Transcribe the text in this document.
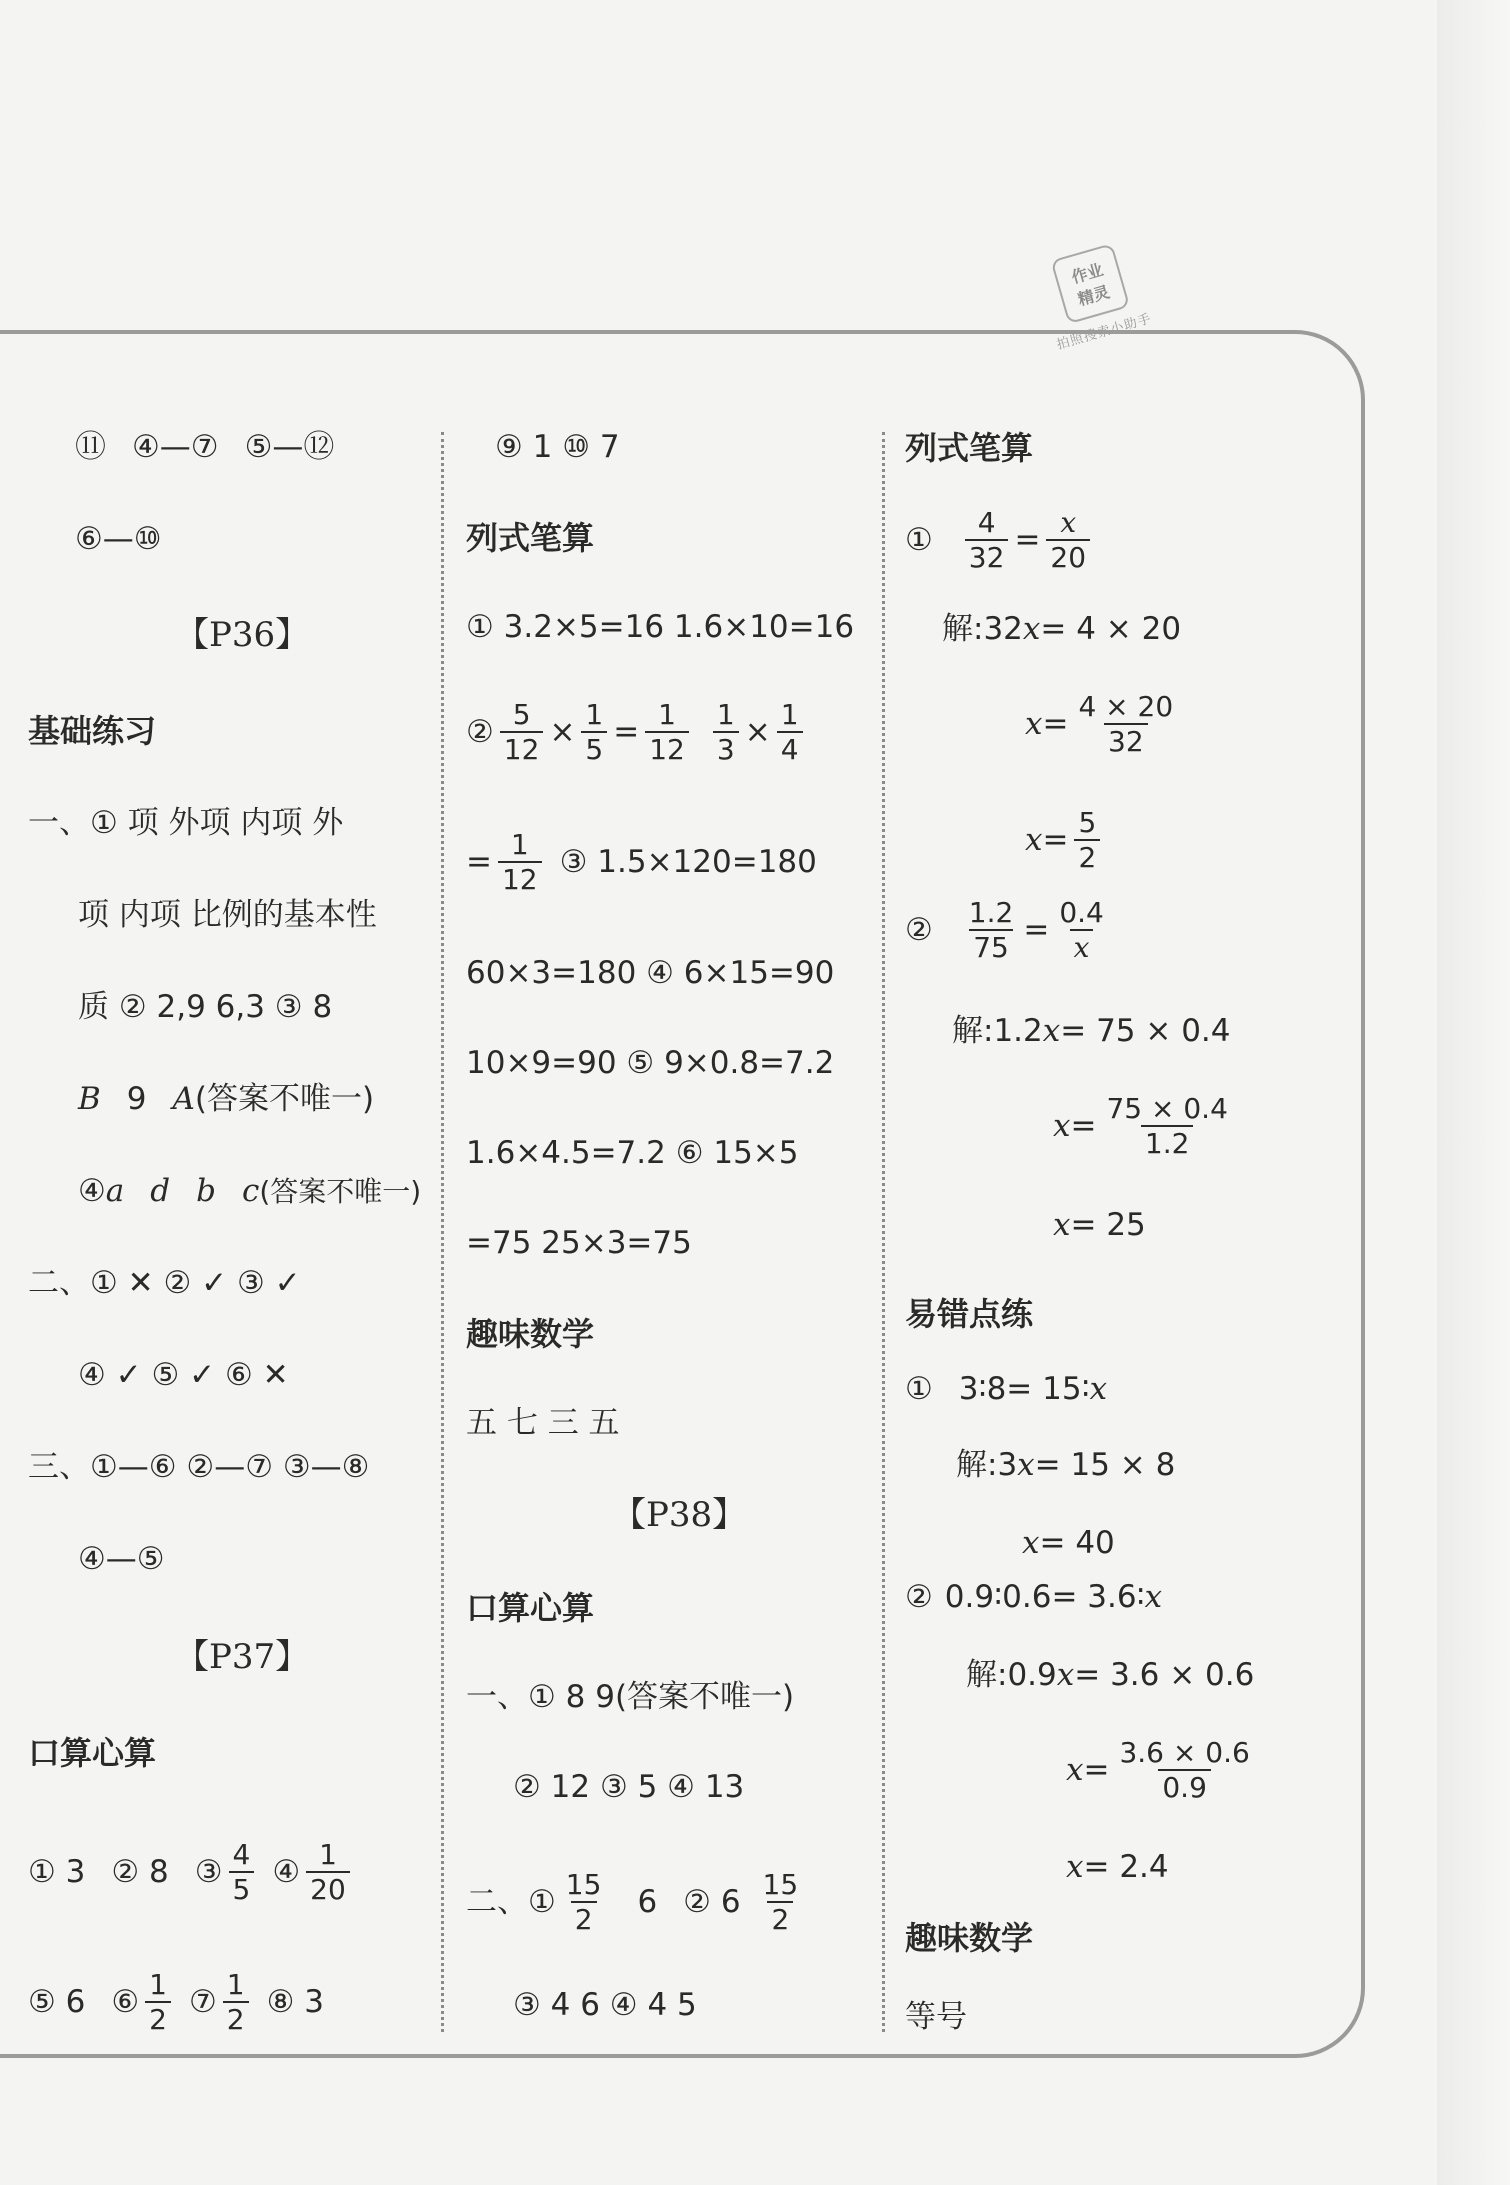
作业
精灵
拍照搜索小助手
⑪ ④—⑦ ⑤—⑫
⑥—⑩
【P36】
基础练习
一、① 项 外项 内项 外
项 内项 比例的基本性
质 ② 2,9 6,3 ③ 8
B 9 A (答案不唯一)
④ a d b c (答案不唯一)
二、① ✕ ② ✓ ③ ✓
④ ✓ ⑤ ✓ ⑥ ✕
三、①—⑥ ②—⑦ ③—⑧
④—⑤
【P37】
口算心算
① 3 ② 8 ③ $\frac{4}{5}$ ④ $\frac{1}{20}$
⑤ 6 ⑥ $\frac{1}{2}$ ⑦ $\frac{1}{2}$ ⑧ 3
⑨ 1 ⑩ 7
列式笔算
① 3.2×5=16 1.6×10=16
② $\frac{5}{12} \times \frac{1}{5} = \frac{1}{12} \frac{1}{3} \times \frac{1}{4}$
= $\frac{1}{12}$ ③ 1.5×120=180
60×3=180 ④ 6×15=90
10×9=90 ⑤ 9×0.8=7.2
1.6×4.5=7.2 ⑥ 15×5
=75 25×3=75
趣味数学
五 七 三 五
【P38】
口算心算
一、① 8 9(答案不唯一)
② 12 ③ 5 ④ 13
二、① $\frac{15}{2} 6$ ② $6 \frac{15}{2}$
③ 4 6 ④ 4 5
列式笔算
① $\frac{4}{32} = \frac{x}{20}$
解:32 x = 4 × 20
$x = \frac{4 \times 20}{32}$
$x = \frac{5}{2}$
② $\frac{1.2}{75} = \frac{0.4}{x}$
解:1.2 x = 75 × 0.4
$x = \frac{75 \times 0.4}{1.2}$
x = 25
易错点练
① 3∶8= 15∶ x
解:3 x = 15 × 8
x = 40
② 0.9∶0.6= 3.6∶ x
解:0.9 x = 3.6 × 0.6
$x = \frac{3.6 \times 0.6}{0.9}$
x = 2.4
趣味数学
等号
